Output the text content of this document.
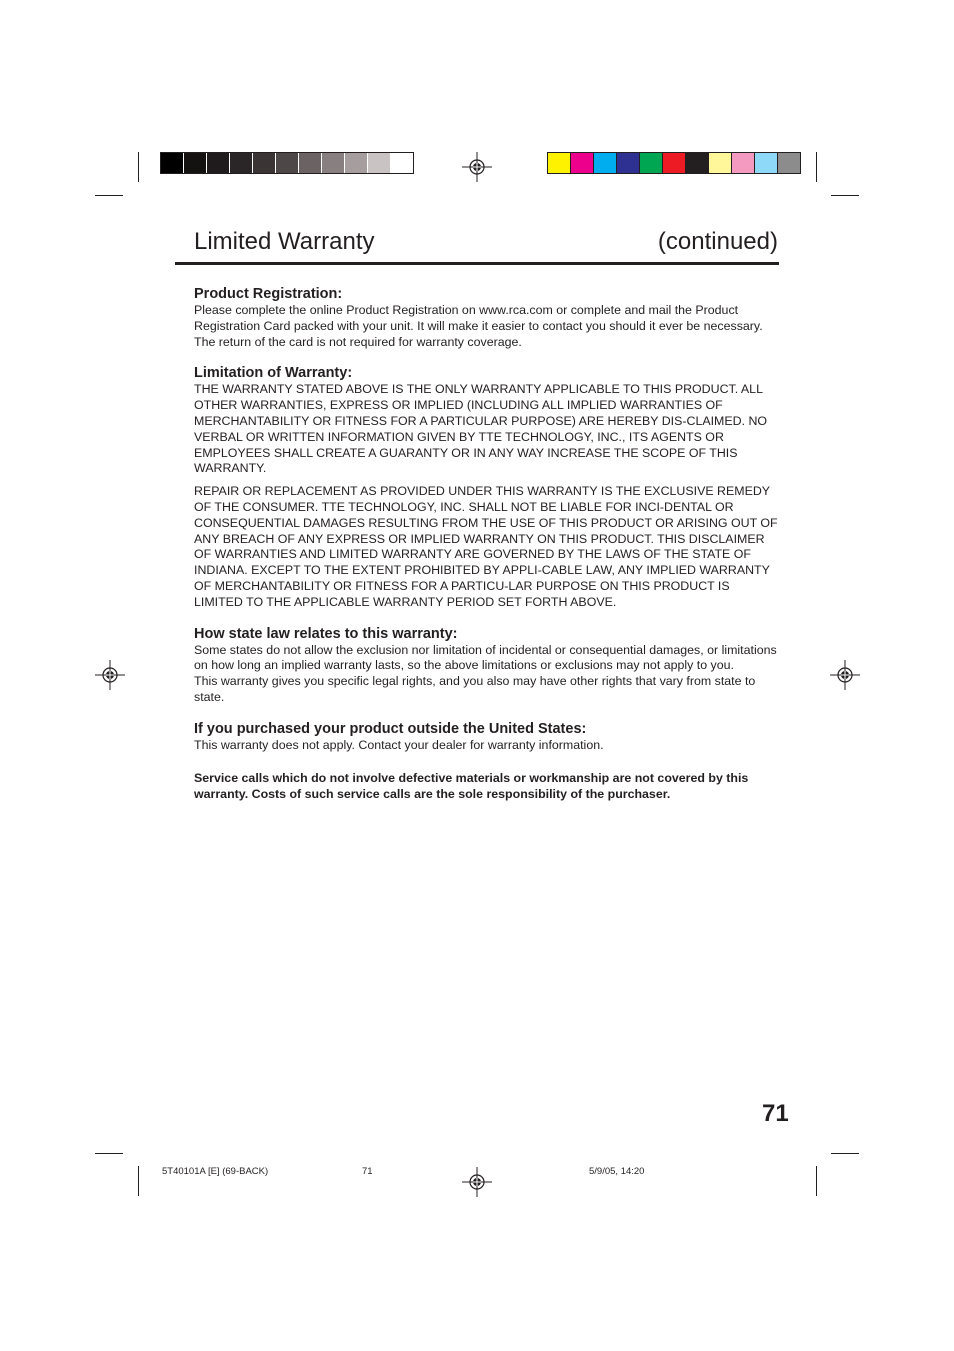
Limited Warranty	(continued)

Product Registration:

Please complete the online Product Registration on www.rca.com or complete and mail the Product Registration Card packed with your unit. It will make it easier to contact you should it ever be necessary. The return of the card is not required for warranty coverage.

Limitation of Warranty:

THE WARRANTY STATED ABOVE IS THE ONLY WARRANTY APPLICABLE TO THIS PRODUCT. ALL OTHER WARRANTIES, EXPRESS OR IMPLIED (INCLUDING ALL IMPLIED WARRANTIES OF MERCHANTABILITY OR FITNESS FOR A PARTICULAR PURPOSE) ARE HEREBY DIS-CLAIMED. NO VERBAL OR WRITTEN INFORMATION GIVEN BY TTE TECHNOLOGY, INC., ITS AGENTS OR EMPLOYEES SHALL CREATE A GUARANTY OR IN ANY WAY INCREASE THE SCOPE OF THIS WARRANTY.

REPAIR OR REPLACEMENT AS PROVIDED UNDER THIS WARRANTY IS THE EXCLUSIVE REMEDY OF THE CONSUMER. TTE TECHNOLOGY, INC. SHALL NOT BE LIABLE FOR INCI-DENTAL OR CONSEQUENTIAL DAMAGES RESULTING FROM THE USE OF THIS PRODUCT OR ARISING OUT OF ANY BREACH OF ANY EXPRESS OR IMPLIED WARRANTY ON THIS PRODUCT. THIS DISCLAIMER OF WARRANTIES AND LIMITED WARRANTY ARE GOVERNED BY THE LAWS OF THE STATE OF INDIANA. EXCEPT TO THE EXTENT PROHIBITED BY APPLI-CABLE LAW, ANY IMPLIED WARRANTY OF MERCHANTABILITY OR FITNESS FOR A PARTICU-LAR PURPOSE ON THIS PRODUCT IS LIMITED TO THE APPLICABLE WARRANTY PERIOD SET FORTH ABOVE.

How state law relates to this warranty:

Some states do not allow the exclusion nor limitation of incidental or consequential damages, or limitations on how long an implied warranty lasts, so the above limitations or exclusions may not apply to you.

This warranty gives you specific legal rights, and you also may have other rights that vary from state to state.

If you purchased your product outside the United States:

This warranty does not apply. Contact your dealer for warranty information.

Service calls which do not involve defective materials or workmanship are not covered by this warranty. Costs of such service calls are the sole responsibility of the purchaser.

71
5T40101A [E] (69-BACK)	71	5/9/05, 14:20
